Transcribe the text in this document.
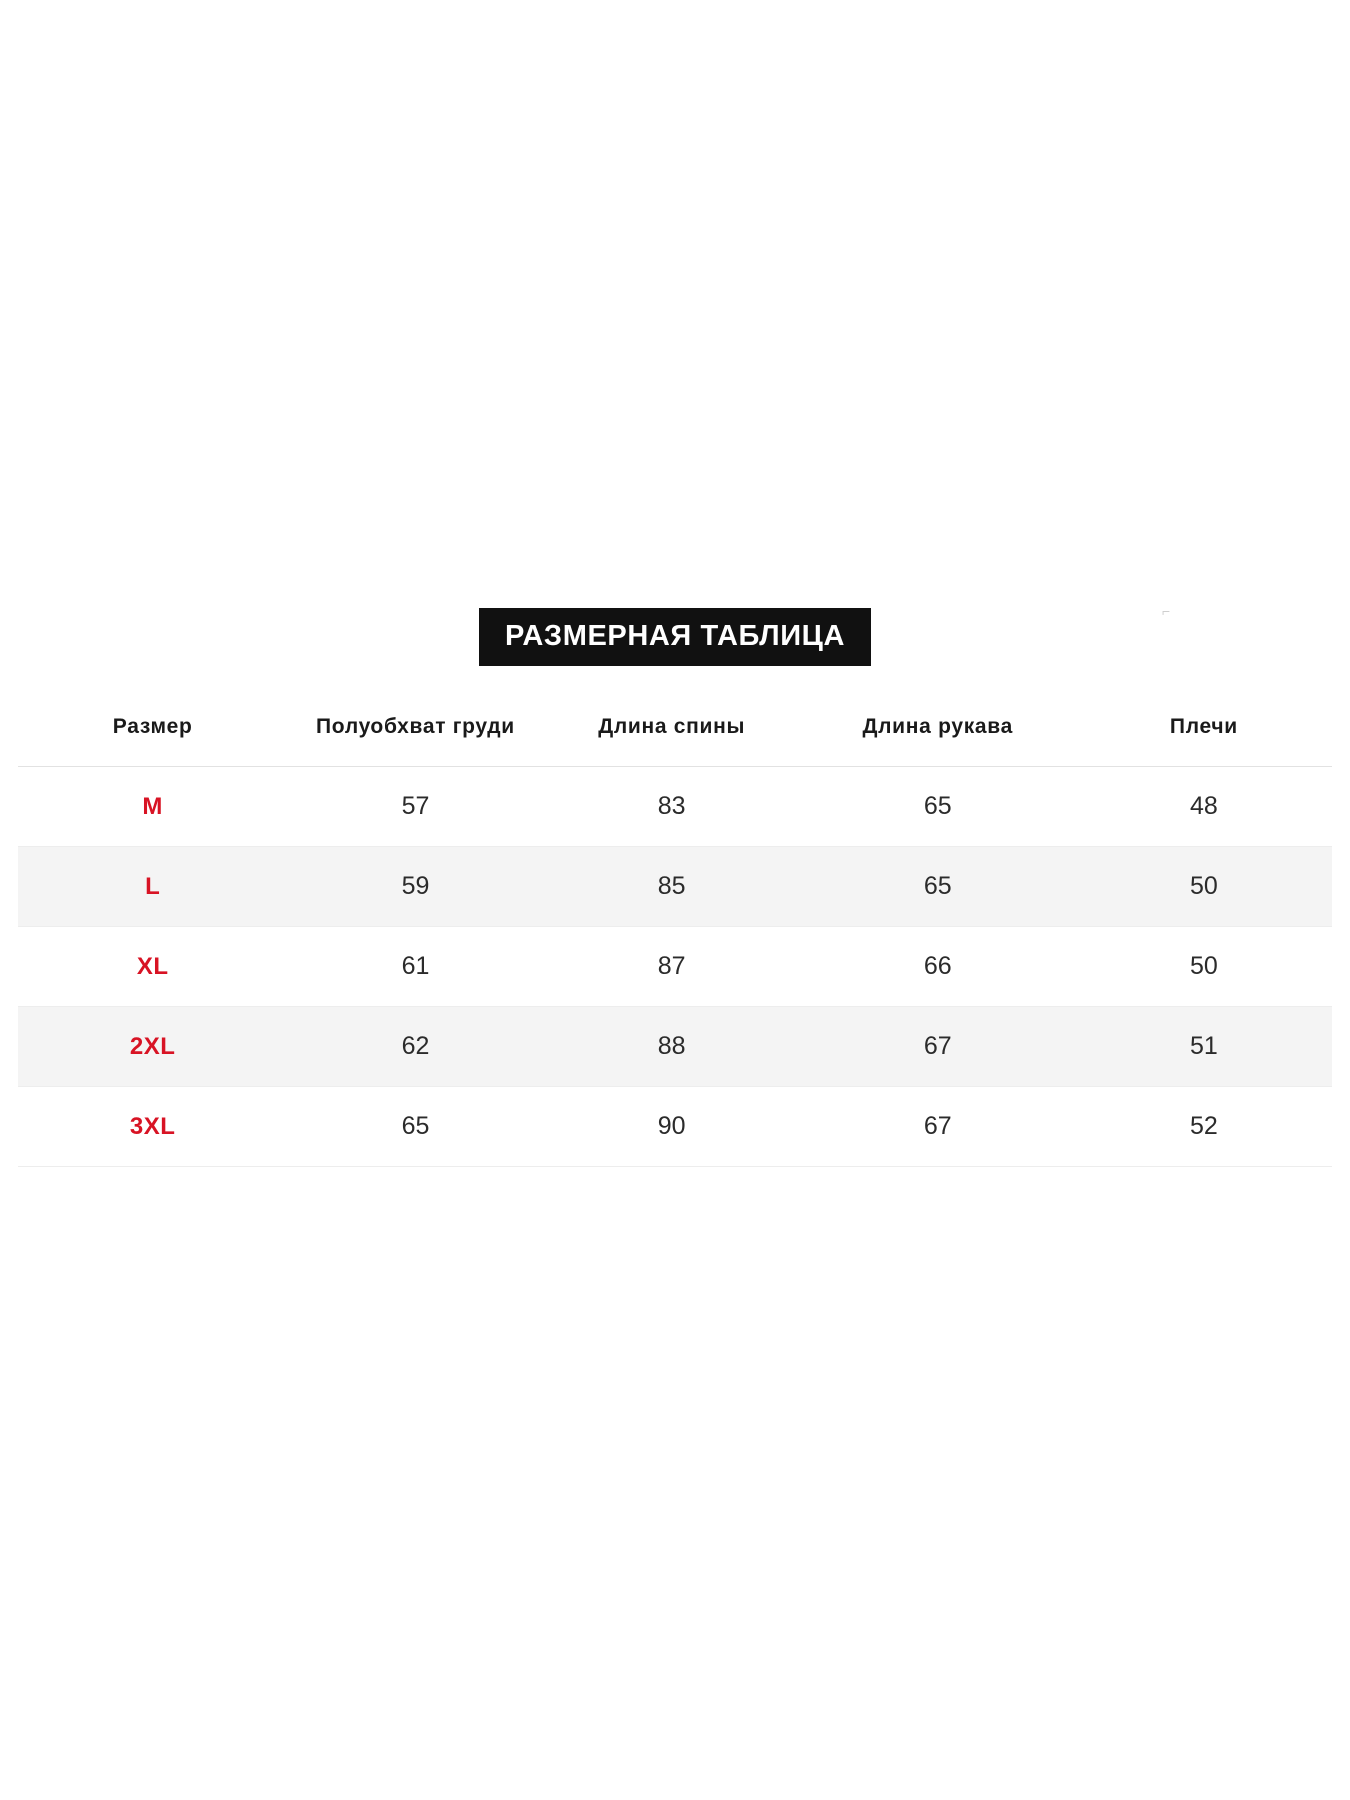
⌐
РАЗМЕРНАЯ ТАБЛИЦА
Размер	Полуобхват груди	Длина спины	Длина рукава	Плечи
M	57	83	65	48
L	59	85	65	50
XL	61	87	66	50
2XL	62	88	67	51
3XL	65	90	67	52
